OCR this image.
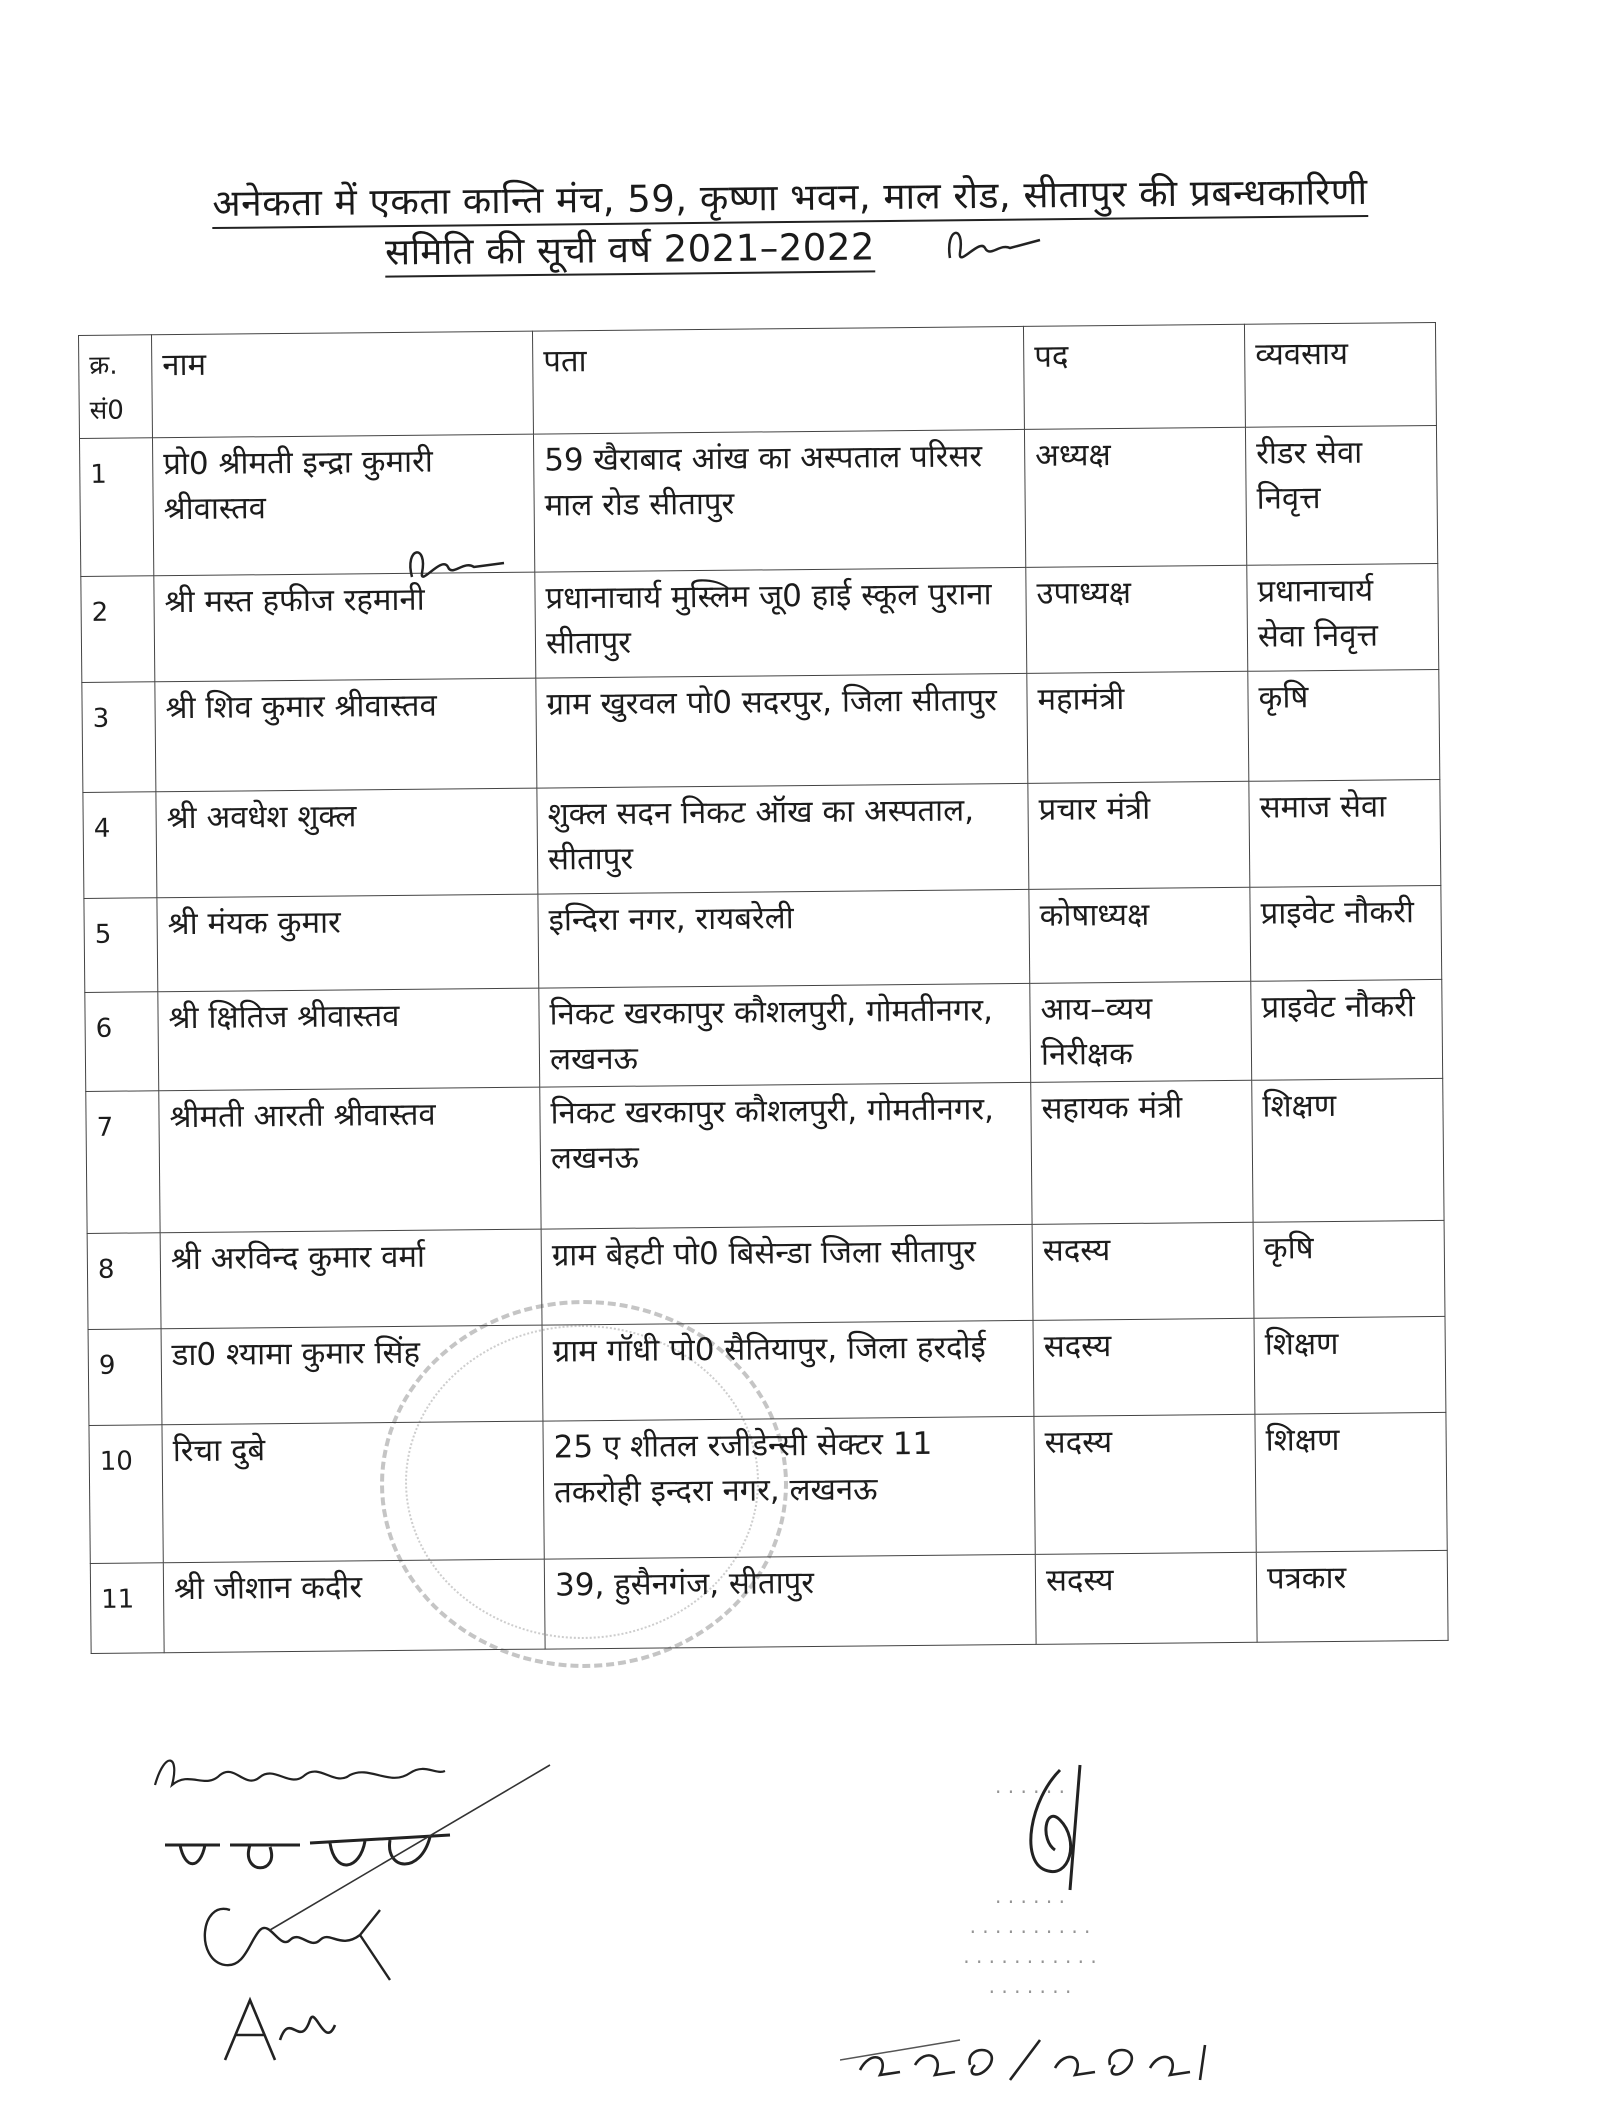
अनेकता में एकता कान्ति मंच, 59, कृष्णा भवन, माल रोड, सीतापुर की प्रबन्धकारिणी
समिति की सूची वर्ष 2021–2022
क्र. सं0	नाम	पता	पद	व्यवसाय
1	प्रो0 श्रीमती इन्द्रा कुमारी श्रीवास्तव	59 खैराबाद आंख का अस्पताल परिसर माल रोड सीतापुर	अध्यक्ष	रीडर सेवा निवृत्त
2	श्री मस्त हफीज रहमानी	प्रधानाचार्य मुस्लिम जू0 हाई स्कूल पुराना सीतापुर	उपाध्यक्ष	प्रधानाचार्य सेवा निवृत्त
3	श्री शिव कुमार श्रीवास्तव	ग्राम खुरवल पो0 सदरपुर, जिला सीतापुर	महामंत्री	कृषि
4	श्री अवधेश शुक्ल	शुक्ल सदन निकट ऑख का अस्पताल, सीतापुर	प्रचार मंत्री	समाज सेवा
5	श्री मंयक कुमार	इन्दिरा नगर, रायबरेली	कोषाध्यक्ष	प्राइवेट नौकरी
6	श्री क्षितिज श्रीवास्तव	निकट खरकापुर कौशलपुरी, गोमतीनगर, लखनऊ	आय–व्यय निरीक्षक	प्राइवेट नौकरी
7	श्रीमती आरती श्रीवास्तव	निकट खरकापुर कौशलपुरी, गोमतीनगर, लखनऊ	सहायक मंत्री	शिक्षण
8	श्री अरविन्द कुमार वर्मा	ग्राम बेहटी पो0 बिसेन्डा जिला सीतापुर	सदस्य	कृषि
9	डा0 श्यामा कुमार सिंह	ग्राम गॉधी पो0 सैतियापुर, जिला हरदोई	सदस्य	शिक्षण
10	रिचा दुबे	25 ए शीतल रजीडेन्सी सेक्टर 11 तकरोही इन्दरा नगर, लखनऊ	सदस्य	शिक्षण
11	श्री जीशान कदीर	39, हुसैनगंज, सीतापुर	सदस्य	पत्रकार
· · · · · ·
· · · · · ·
· · · · · · · · · ·
· · · · · · · · · · ·
· · · · · · ·
